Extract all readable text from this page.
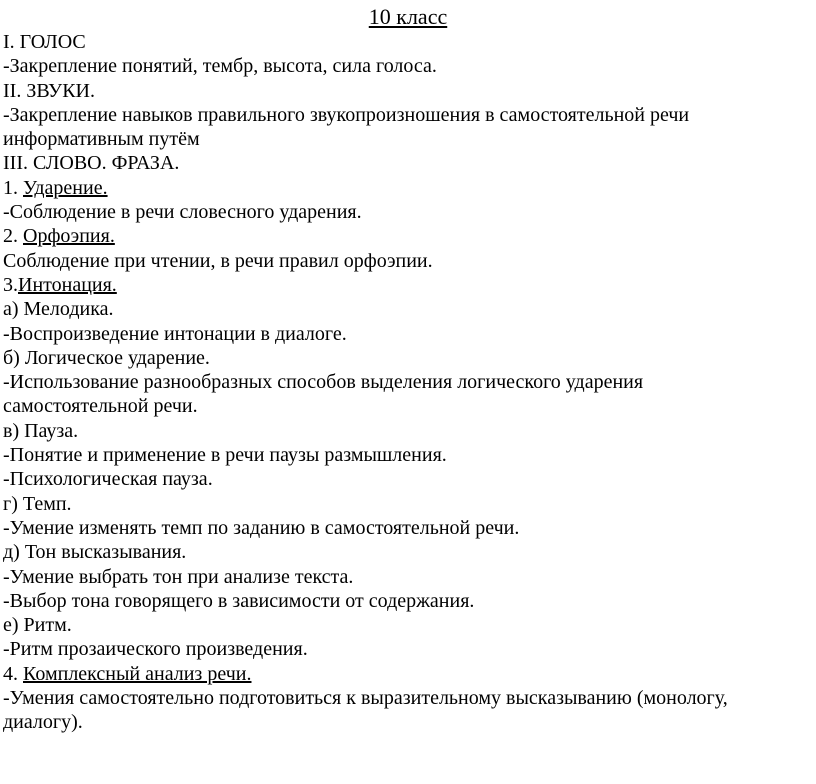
10 класс
I. ГОЛОС
-Закрепление понятий, тембр, высота, сила голоса.
II. ЗВУКИ.
-Закрепление навыков правильного звукопроизношения в самостоятельной речи
информативным путём
III. СЛОВО. ФРАЗА.
1. Ударение.
-Соблюдение в речи словесного ударения.
2. Орфоэпия.
Соблюдение при чтении, в речи правил орфоэпии.
3.Интонация.
а) Мелодика.
-Воспроизведение интонации в диалоге.
б) Логическое ударение.
-Использование разнообразных способов выделения логического ударения
самостоятельной речи.
в) Пауза.
-Понятие и применение в речи паузы размышления.
-Психологическая пауза.
г) Темп.
-Умение изменять темп по заданию в самостоятельной речи.
д) Тон высказывания.
-Умение выбрать тон при анализе текста.
-Выбор тона говорящего в зависимости от содержания.
е) Ритм.
-Ритм прозаического произведения.
4. Комплексный анализ речи.
-Умения самостоятельно подготовиться к выразительному высказыванию (монологу,
диалогу).
